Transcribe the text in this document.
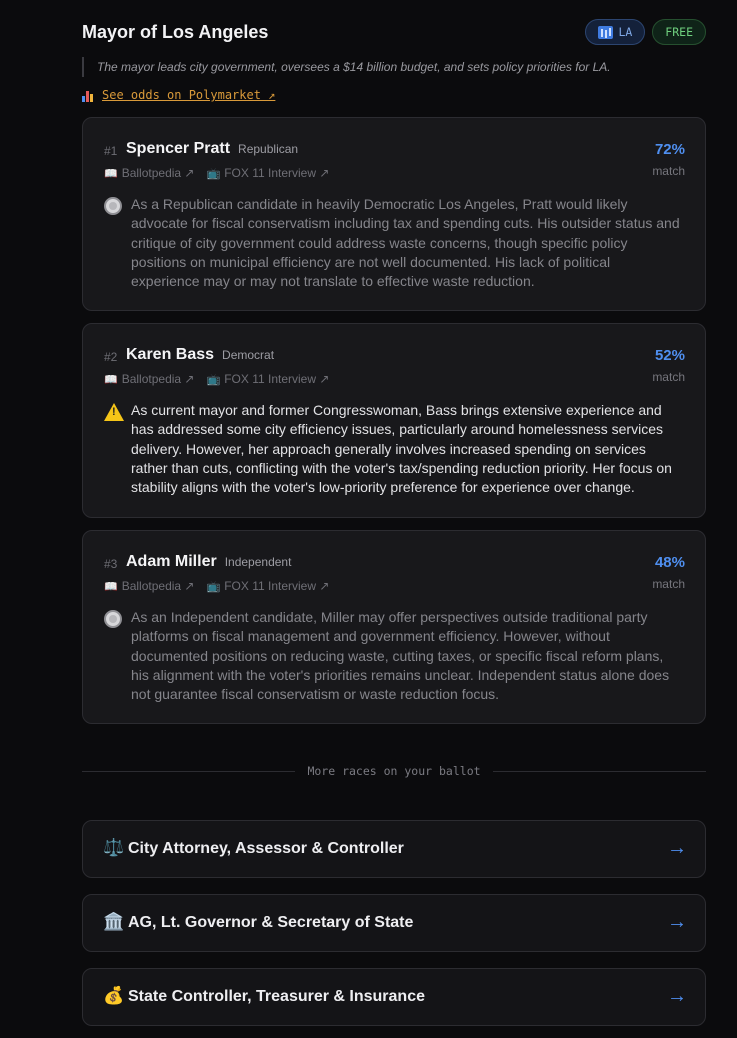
Mayor of Los Angeles	LA	FREE
The mayor leads city government, oversees a $14 billion budget, and sets policy priorities for LA.
See odds on Polymarket ↗
#1 Spencer Pratt Republican	72%
match
📖 Ballotpedia ↗ 📺 FOX 11 Interview ↗
As a Republican candidate in heavily Democratic Los Angeles, Pratt would likely advocate for fiscal conservatism including tax and spending cuts. His outsider status and critique of city government could address waste concerns, though specific policy positions on municipal efficiency are not well documented. His lack of political experience may or may not translate to effective waste reduction.
#2 Karen Bass Democrat	52%
match
📖 Ballotpedia ↗ 📺 FOX 11 Interview ↗
!
As current mayor and former Congresswoman, Bass brings extensive experience and has addressed some city efficiency issues, particularly around homelessness services delivery. However, her approach generally involves increased spending on services rather than cuts, conflicting with the voter's tax/spending reduction priority. Her focus on stability aligns with the voter's low-priority preference for experience over change.
#3 Adam Miller Independent	48%
match
📖 Ballotpedia ↗ 📺 FOX 11 Interview ↗
As an Independent candidate, Miller may offer perspectives outside traditional party platforms on fiscal management and government efficiency. However, without documented positions on reducing waste, cutting taxes, or specific fiscal reform plans, his alignment with the voter's priorities remains unclear. Independent status alone does not guarantee fiscal conservatism or waste reduction focus.
More races on your ballot
⚖️ City Attorney, Assessor & Controller	→
🏛️ AG, Lt. Governor & Secretary of State	→
💰 State Controller, Treasurer & Insurance	→
